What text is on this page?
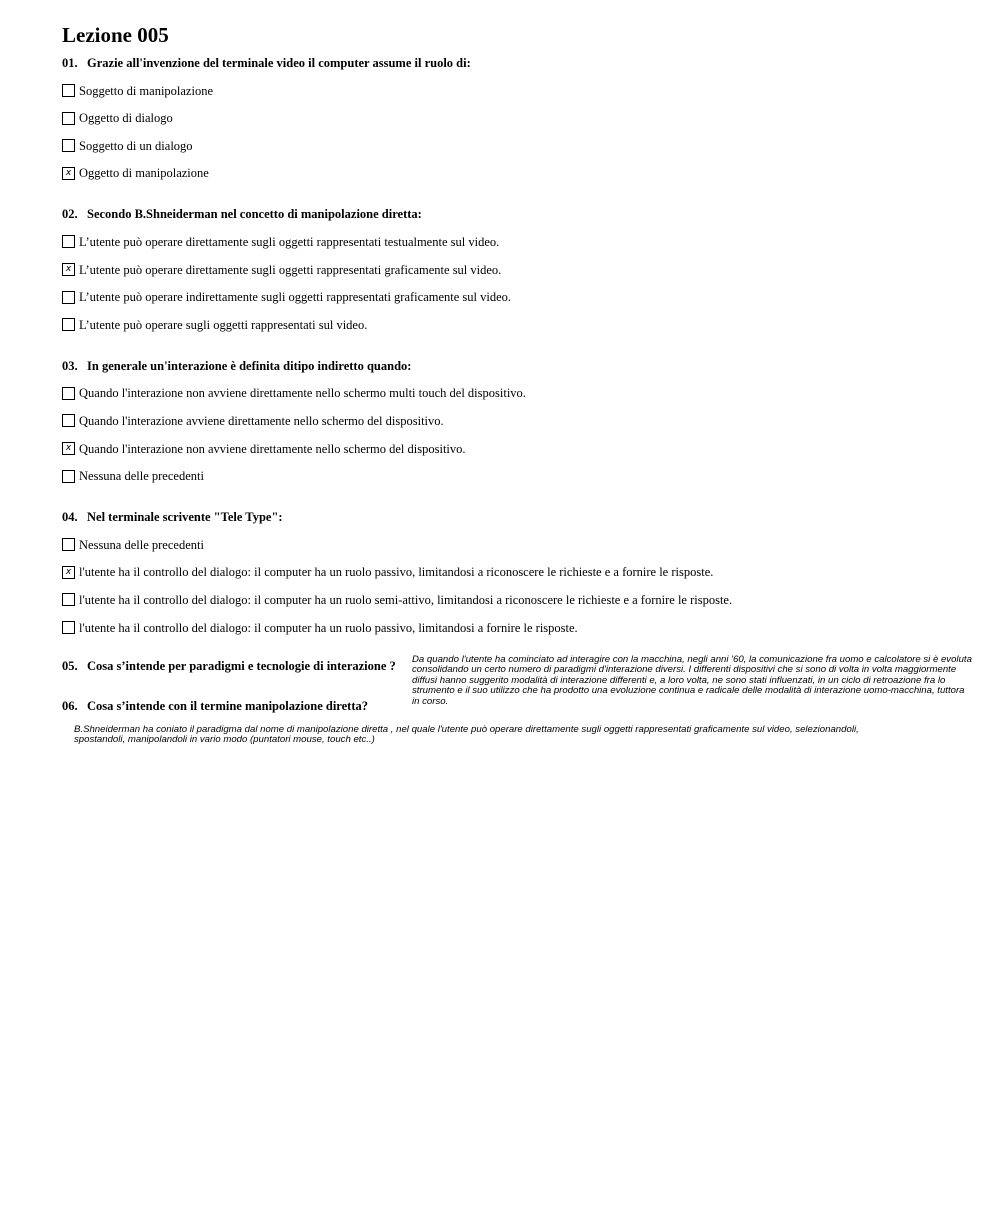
Lezione 005
01. Grazie all'invenzione del terminale video il computer assume il ruolo di:
Soggetto di manipolazione
Oggetto di dialogo
Soggetto di un dialogo
x Oggetto di manipolazione
02. Secondo B.Shneiderman nel concetto di manipolazione diretta:
L’utente può operare direttamente sugli oggetti rappresentati testualmente sul video.
x L’utente può operare direttamente sugli oggetti rappresentati graficamente sul video.
L’utente può operare indirettamente sugli oggetti rappresentati graficamente sul video.
L’utente può operare sugli oggetti rappresentati sul video.
03. In generale un'interazione è definita ditipo indiretto quando:
Quando l'interazione non avviene direttamente nello schermo multi touch del dispositivo.
Quando l'interazione avviene direttamente nello schermo del dispositivo.
x Quando l'interazione non avviene direttamente nello schermo del dispositivo.
Nessuna delle precedenti
04. Nel terminale scrivente "Tele Type":
Nessuna delle precedenti
x l'utente ha il controllo del dialogo: il computer ha un ruolo passivo, limitandosi a riconoscere le richieste e a fornire le risposte.
l'utente ha il controllo del dialogo: il computer ha un ruolo semi-attivo, limitandosi a riconoscere le richieste e a fornire le risposte.
l'utente ha il controllo del dialogo: il computer ha un ruolo passivo, limitandosi a fornire le risposte.
05. Cosa s’intende per paradigmi e tecnologie di interazione ? Da quando l'utente ha cominciato ad interagire con la macchina, negli anni '60, la comunicazione fra uomo e calcolatore si è evoluta consolidando un certo numero di paradigmi d'interazione diversi. I differenti dispositivi che si sono di volta in volta maggiormente diffusi hanno suggerito modalità di interazione differenti e, a loro volta, ne sono stati influenzati, in un ciclo di retroazione fra lo strumento e il suo utilizzo che ha prodotto una evoluzione continua e radicale delle modalità di interazione uomo-macchina, tuttora in corso.
06. Cosa s’intende con il termine manipolazione diretta?
B.Shneiderman ha coniato il paradigma dal nome di manipolazione diretta , nel quale l'utente può operare direttamente sugli oggetti rappresentati graficamente sul video, selezionandoli, spostandoli, manipolandoli in vario modo (puntatori mouse, touch etc..)
